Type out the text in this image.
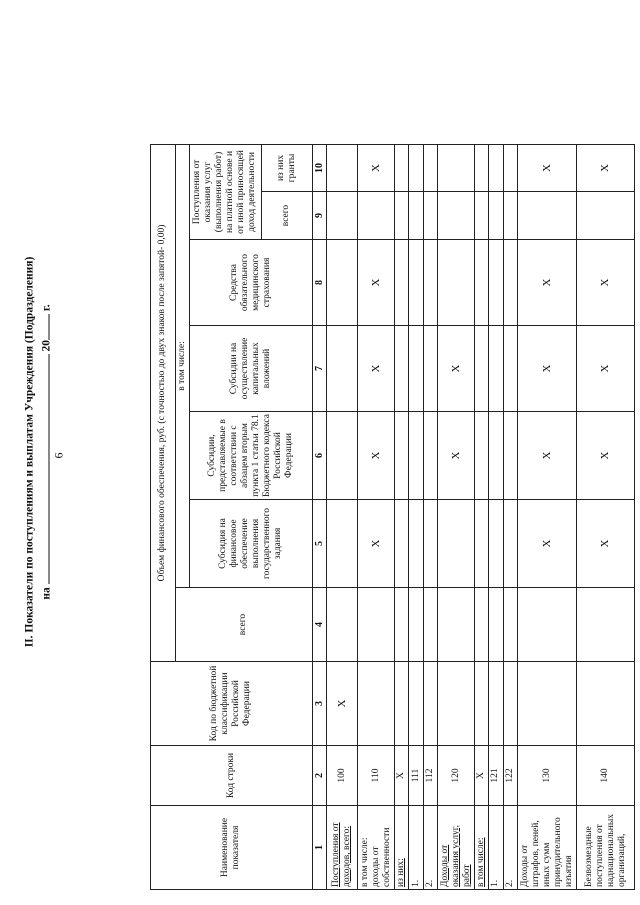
6
II. Показатели по поступлениям и выплатам Учреждения (Подразделения) на  20 г.
Наименование показателя	Код строки	Код по бюджетной классификации Российской Федерации	Объем финансового обеспечения, руб. (с точностью до двух знаков после запятой- 0,00)						
			всего	в том числе:					
				Субсидия на финансовое обеспечение выполнения государственного задания	Субсидии, представляемые в соответствии с абзацем вторым пункта 1 статьи 78.1 Бюджетного кодекса Российской Федерации	Субсидии на осуществление капитальных вложений	Средства обязательного медицинского страхования	Поступления от оказания услуг (выполнения работ) на платной основе и от иной приносящей доход деятельности	
								всего	из них гранты
1	2	3	4	5	6	7	8	9	10
Поступления от доходов, всего:	100	X							
в том числе: доходы от собственности	110			X	X	X	X		X
из них:	X								
1.	111								
2.	112								
Доходы от оказания услуг, работ	120				X	X			
в том числе:	X								
1.	121								
2.	122								
Доходы от штрафов, пеней, иных сумм принудительного изъятия	130			X	X	X	X		X
Безвозмездные поступления от наднациональных организаций,	140			X	X	X	X		X
